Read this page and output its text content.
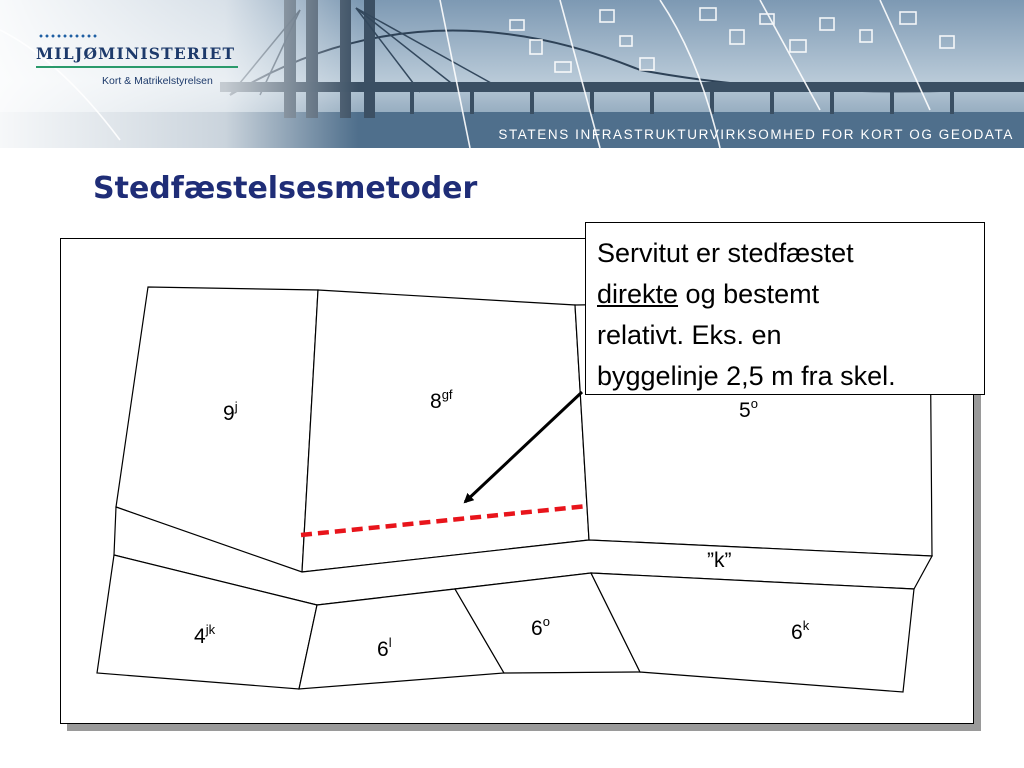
MILJØMINISTERIET
Kort & Matrikelstyrelsen
STATENS INFRASTRUKTURVIRKSOMHED FOR KORT OG GEODATA
Stedfæstelsesmetoder
9$^j$	$8^{gf}$
5$^o$
”k”
$4^{jk}$
6$^l$
6$^o$	6$^k$
Servitut er stedfæstet
direkte og bestemt
relativt. Eks. en
byggelinje 2,5 m fra skel.
